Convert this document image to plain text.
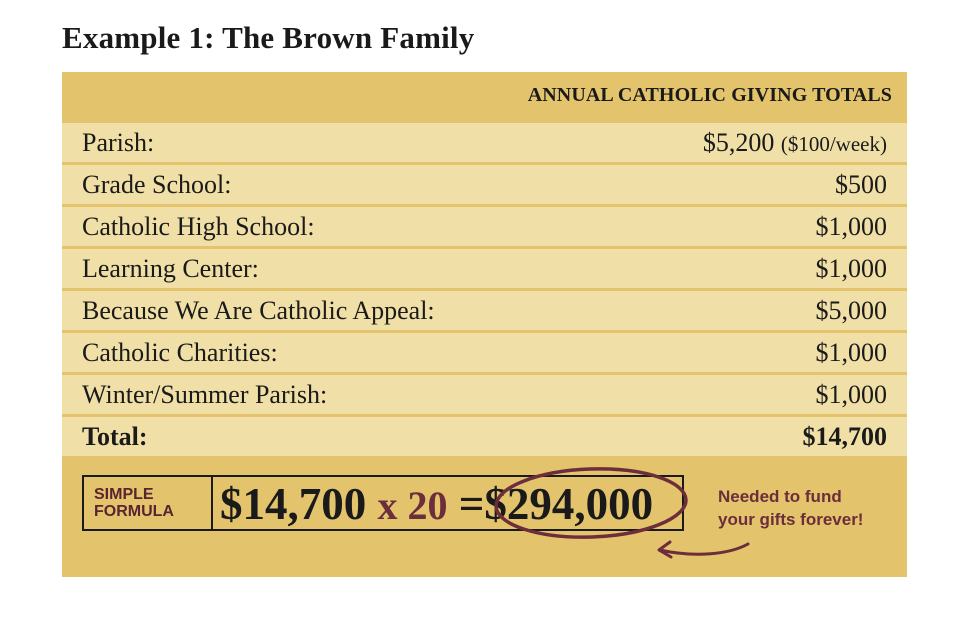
Example 1: The Brown Family
ANNUAL CATHOLIC GIVING TOTALS
Parish:	$5,200 ($100/week)
Grade School:	$500
Catholic High School:	$1,000
Learning Center:	$1,000
Because We Are Catholic Appeal:	$5,000
Catholic Charities:	$1,000
Winter/Summer Parish:	$1,000
Total:	$14,700
SIMPLE
FORMULA	$14,700 x 20 =$294,000	Needed to fund
your gifts forever!
